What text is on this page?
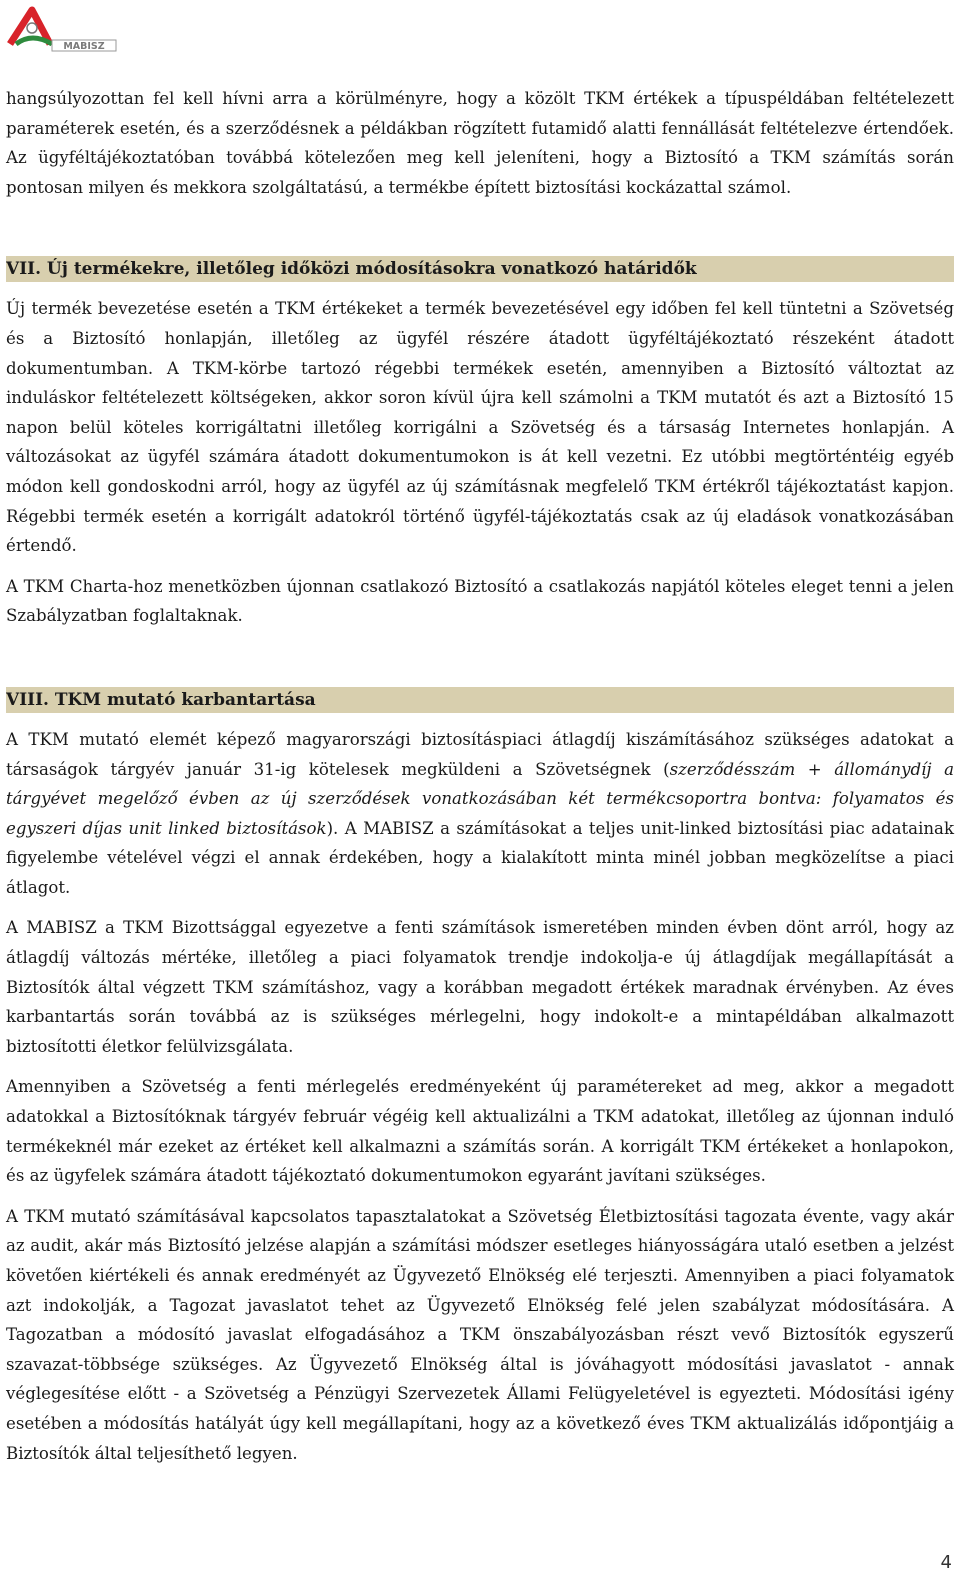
MABISZ

hangsúlyozottan fel kell hívni arra a körülményre, hogy a közölt TKM értékek a típuspéldában feltételezett paraméterek esetén, és a szerződésnek a példákban rögzített futamidő alatti fennállását feltételezve értendőek. Az ügyféltájékoztatóban továbbá kötelezően meg kell jeleníteni, hogy a Biztosító a TKM számítás során pontosan milyen és mekkora szolgáltatású, a termékbe épített biztosítási kockázattal számol.

VII. Új termékekre, illetőleg időközi módosításokra vonatkozó határidők

Új termék bevezetése esetén a TKM értékeket a termék bevezetésével egy időben fel kell tüntetni a Szövetség és a Biztosító honlapján, illetőleg az ügyfél részére átadott ügyféltájékoztató részeként átadott dokumentumban. A TKM-körbe tartozó régebbi termékek esetén, amennyiben a Biztosító változtat az induláskor feltételezett költségeken, akkor soron kívül újra kell számolni a TKM mutatót és azt a Biztosító 15 napon belül köteles korrigáltatni illetőleg korrigálni a Szövetség és a társaság Internetes honlapján. A változásokat az ügyfél számára átadott dokumentumokon is át kell vezetni. Ez utóbbi megtörténtéig egyéb módon kell gondoskodni arról, hogy az ügyfél az új számításnak megfelelő TKM értékről tájékoztatást kapjon. Régebbi termék esetén a korrigált adatokról történő ügyfél-tájékoztatás csak az új eladások vonatkozásában értendő.

A TKM Charta-hoz menetközben újonnan csatlakozó Biztosító a csatlakozás napjától köteles eleget tenni a jelen Szabályzatban foglaltaknak.

VIII. TKM mutató karbantartása

A TKM mutató elemét képező magyarországi biztosításpiaci átlagdíj kiszámításához szükséges adatokat a társaságok tárgyév január 31-ig kötelesek megküldeni a Szövetségnek (szerződésszám + állománydíj a tárgyévet megelőző évben az új szerződések vonatkozásában két termékcsoportra bontva: folyamatos és egyszeri díjas unit linked biztosítások). A MABISZ a számításokat a teljes unit-linked biztosítási piac adatainak figyelembe vételével végzi el annak érdekében, hogy a kialakított minta minél jobban megközelítse a piaci átlagot.

A MABISZ a TKM Bizottsággal egyezetve a fenti számítások ismeretében minden évben dönt arról, hogy az átlagdíj változás mértéke, illetőleg a piaci folyamatok trendje indokolja-e új átlagdíjak megállapítását a Biztosítók által végzett TKM számításhoz, vagy a korábban megadott értékek maradnak érvényben. Az éves karbantartás során továbbá az is szükséges mérlegelni, hogy indokolt-e a mintapéldában alkalmazott biztosítotti életkor felülvizsgálata.

Amennyiben a Szövetség a fenti mérlegelés eredményeként új paramétereket ad meg, akkor a megadott adatokkal a Biztosítóknak tárgyév február végéig kell aktualizálni a TKM adatokat, illetőleg az újonnan induló termékeknél már ezeket az értéket kell alkalmazni a számítás során. A korrigált TKM értékeket a honlapokon, és az ügyfelek számára átadott tájékoztató dokumentumokon egyaránt javítani szükséges.

A TKM mutató számításával kapcsolatos tapasztalatokat a Szövetség Életbiztosítási tagozata évente, vagy akár az audit, akár más Biztosító jelzése alapján a számítási módszer esetleges hiányosságára utaló esetben a jelzést követően kiértékeli és annak eredményét az Ügyvezető Elnökség elé terjeszti. Amennyiben a piaci folyamatok azt indokolják, a Tagozat javaslatot tehet az Ügyvezető Elnökség felé jelen szabályzat módosítására. A Tagozatban a módosító javaslat elfogadásához a TKM önszabályozásban részt vevő Biztosítók egyszerű szavazat-többsége szükséges. Az Ügyvezető Elnökség által is jóváhagyott módosítási javaslatot - annak véglegesítése előtt - a Szövetség a Pénzügyi Szervezetek Állami Felügyeletével is egyezteti. Módosítási igény esetében a módosítás hatályát úgy kell megállapítani, hogy az a következő éves TKM aktualizálás időpontjáig a Biztosítók által teljesíthető legyen.

4
